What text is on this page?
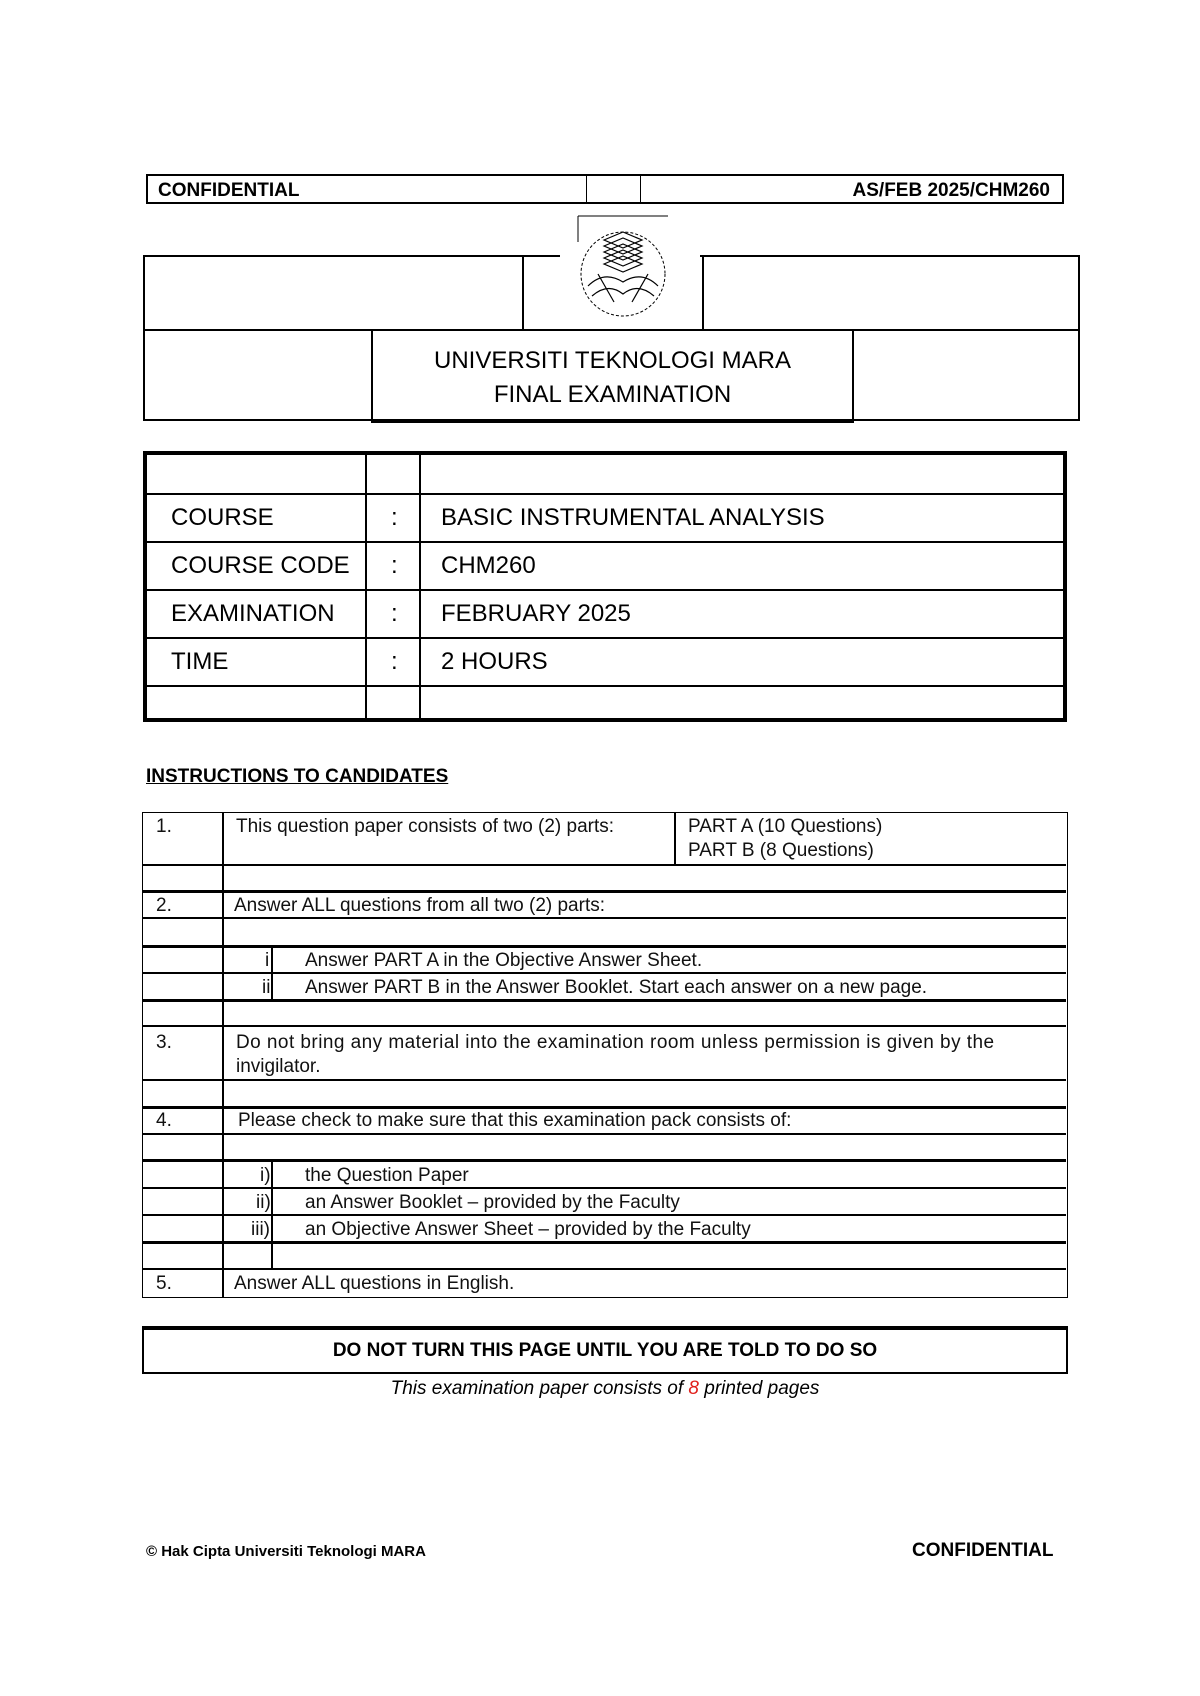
CONFIDENTIAL	AS/FEB 2025/CHM260
UNIVERSITI TEKNOLOGI MARA
FINAL EXAMINATION
COURSE	: BASIC INSTRUMENTAL ANALYSIS
COURSE CODE : CHM260
EXAMINATION : FEBRUARY 2025
TIME	: 2 HOURS
INSTRUCTIONS TO CANDIDATES
1.	This question paper consists of two (2) parts:	PART A (10 Questions)
PART B (8 Questions)
2.	Answer ALL questions from all two (2) parts:
i Answer PART A in the Objective Answer Sheet.
ii Answer PART B in the Answer Booklet. Start each answer on a new page.
3.	Do not bring any material into the examination room unless permission is given by the
invigilator.
4.	Please check to make sure that this examination pack consists of:
i) the Question Paper
ii) an Answer Booklet – provided by the Faculty
iii) an Objective Answer Sheet – provided by the Faculty
5.	Answer ALL questions in English.
DO NOT TURN THIS PAGE UNTIL YOU ARE TOLD TO DO SO
This examination paper consists of 8 printed pages
© Hak Cipta Universiti Teknologi MARA	CONFIDENTIAL
